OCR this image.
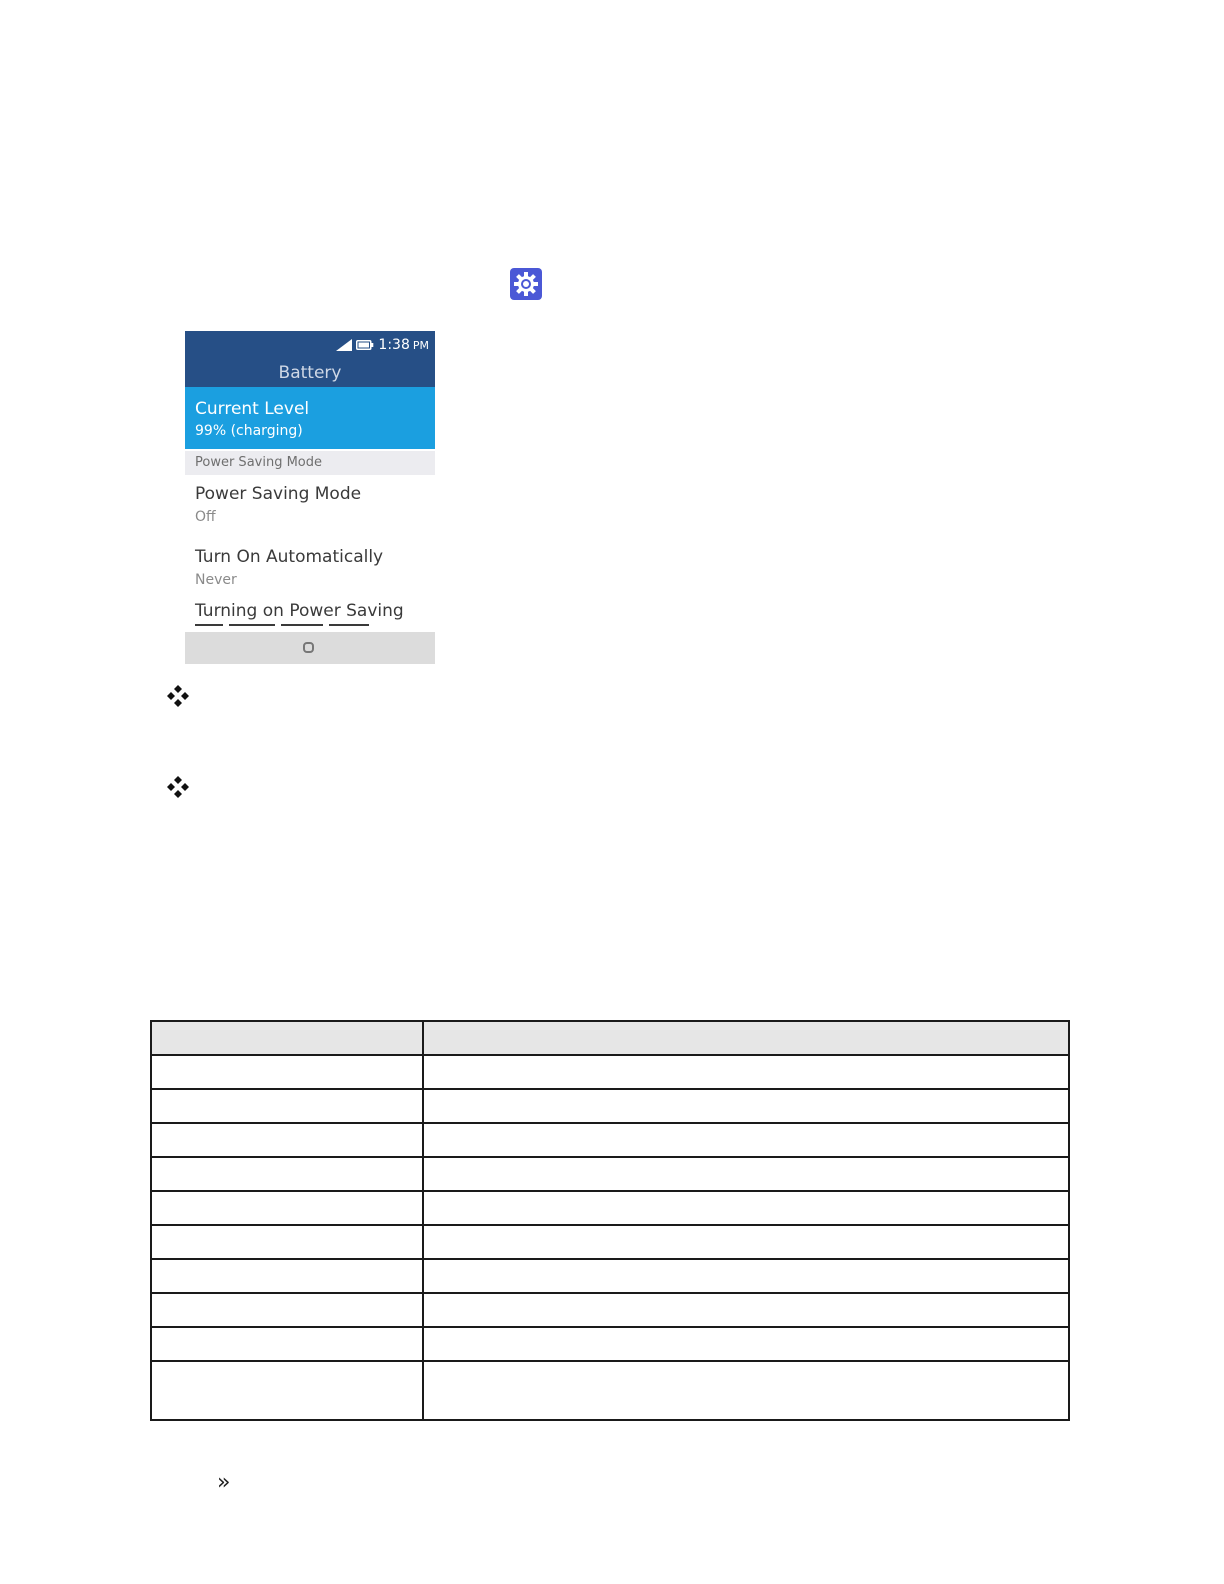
1:38 PM
Battery
Current Level
99% (charging)
Power Saving Mode
Power Saving Mode
Off
Turn On Automatically
Never
Turning on Power Saving

»
